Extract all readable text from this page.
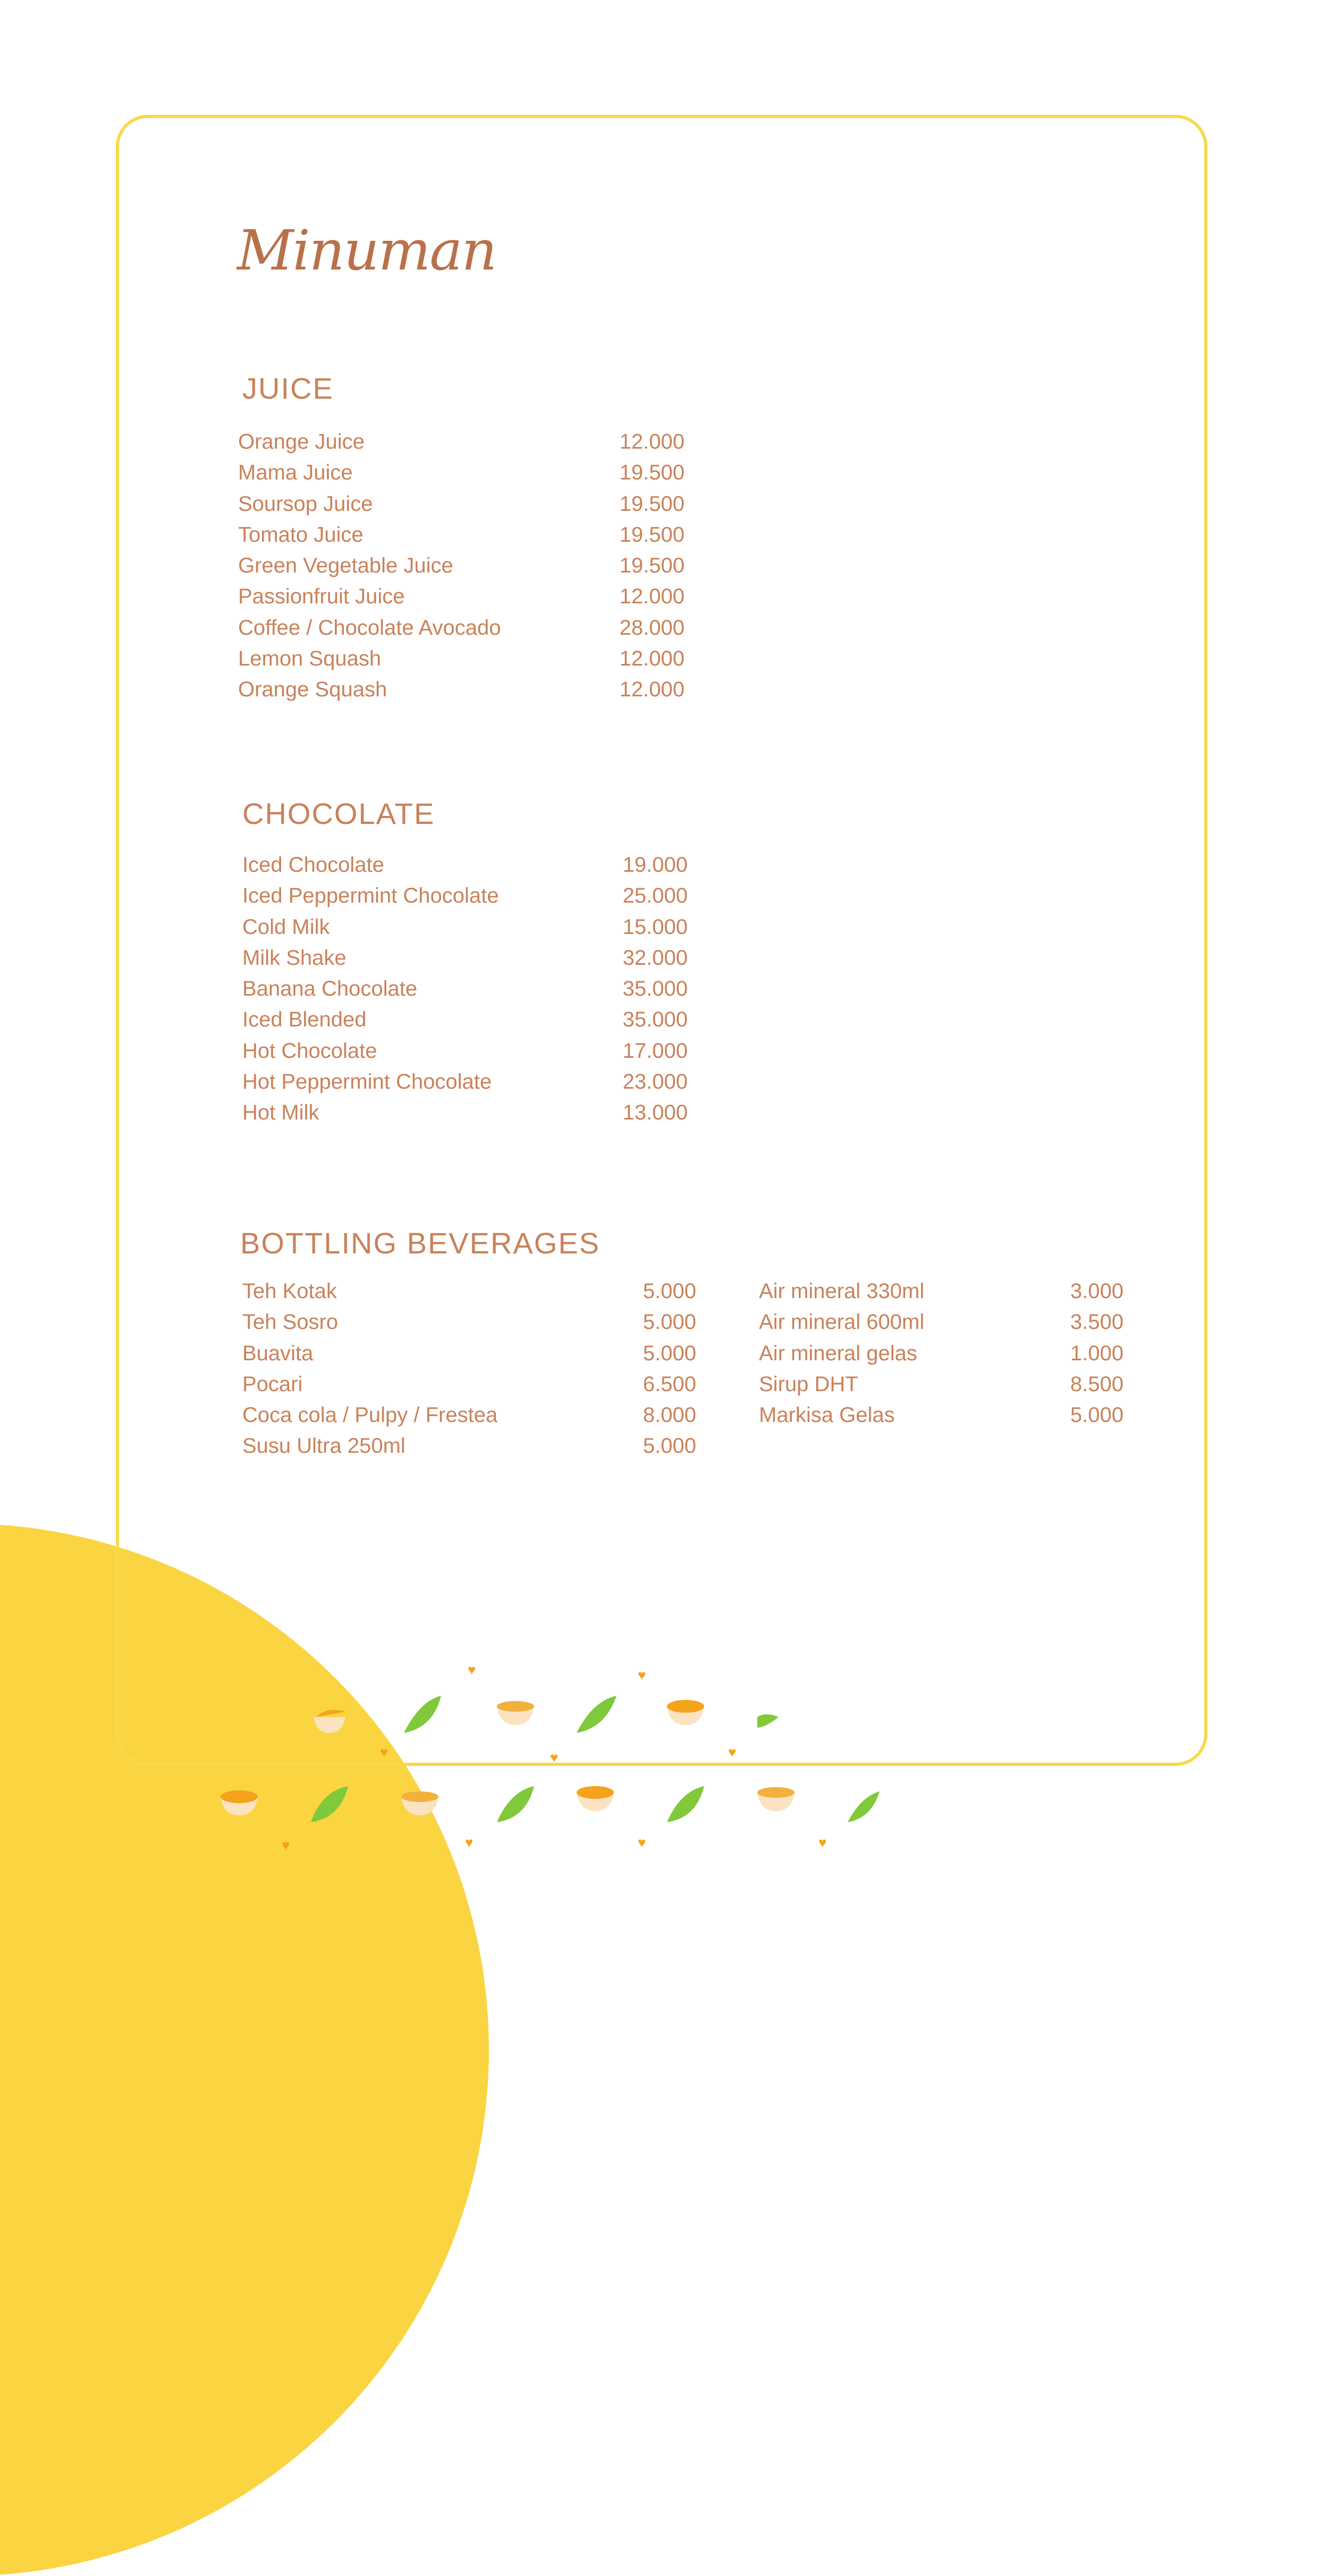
Minuman
JUICE
Orange Juice	12.000
Mama Juice	19.500
Soursop Juice	19.500
Tomato Juice	19.500
Green Vegetable Juice	19.500
Passionfruit Juice	12.000
Coffee / Chocolate Avocado	28.000
Lemon Squash	12.000
Orange Squash	12.000
CHOCOLATE
Iced Chocolate	19.000
Iced Peppermint Chocolate	25.000
Cold Milk	15.000
Milk Shake	32.000
Banana Chocolate	35.000
Iced Blended	35.000
Hot Chocolate	17.000
Hot Peppermint Chocolate	23.000
Hot Milk	13.000
BOTTLING BEVERAGES
Teh Kotak	5.000
Teh Sosro	5.000
Buavita	5.000
Pocari	6.500
Coca cola / Pulpy / Frestea	8.000
Susu Ultra 250ml	5.000
Air mineral 330ml	3.000
Air mineral 600ml	3.500
Air mineral gelas	1.000
Sirup DHT	8.500
Markisa Gelas	5.000
♥	♥
♥	♥	♥
♥	♥	♥	♥
